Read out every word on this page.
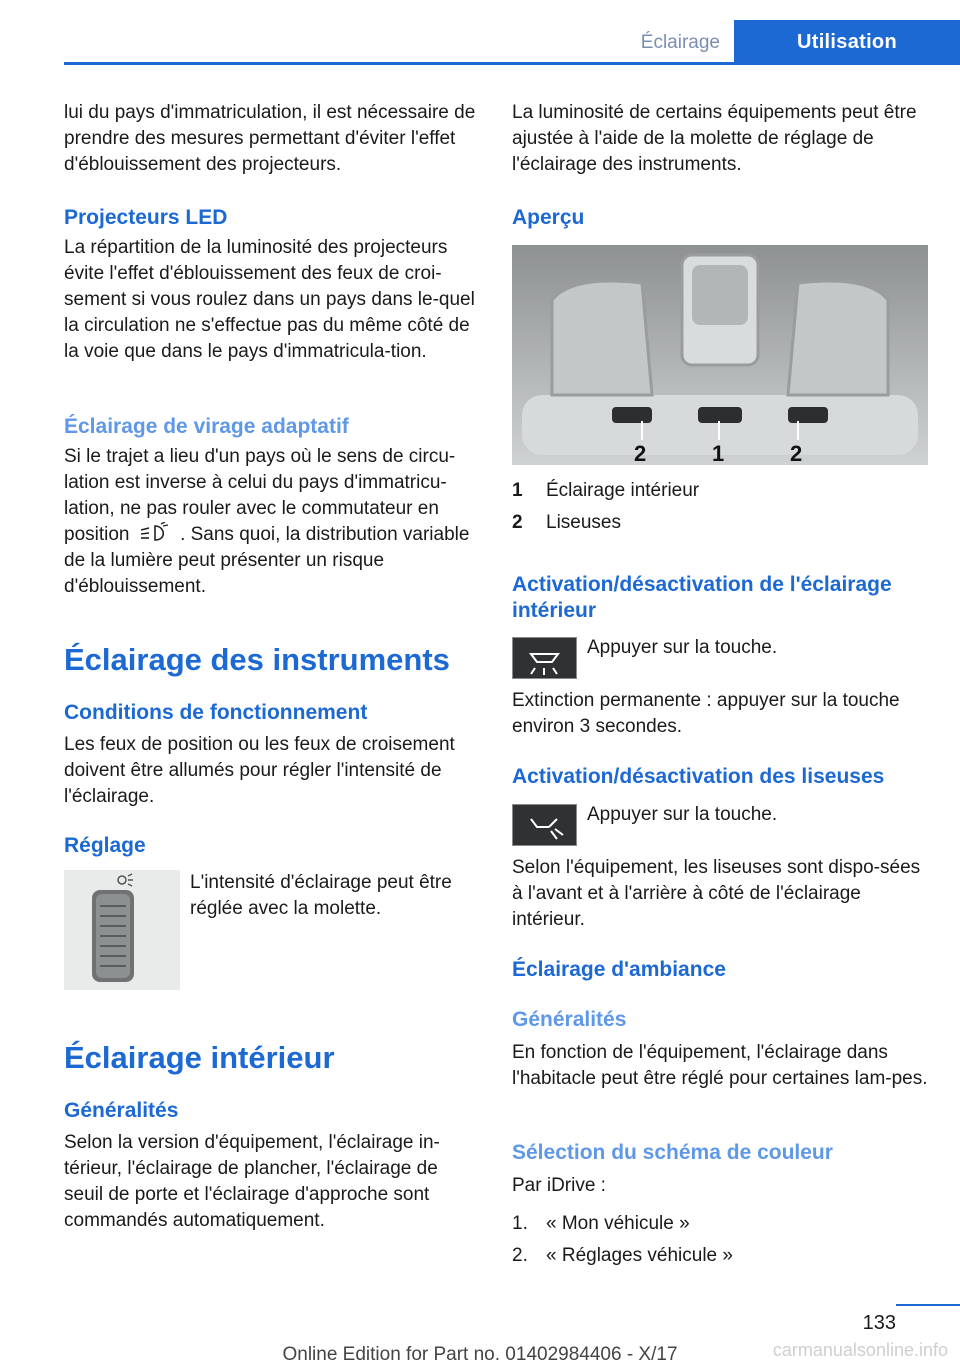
Éclairage	Utilisation

lui du pays d'immatriculation, il est nécessaire de prendre des mesures permettant d'éviter l'effet d'éblouissement des projecteurs.

Projecteurs LED

La répartition de la luminosité des projecteurs évite l'effet d'éblouissement des feux de croi‐sement si vous roulez dans un pays dans le‐quel la circulation ne s'effectue pas du même côté de la voie que dans le pays d'immatricula‐tion.

Éclairage de virage adaptatif

Si le trajet a lieu d'un pays où le sens de circu‐lation est inverse à celui du pays d'immatricu‐lation, ne pas rouler avec le commutateur en position	. Sans quoi, la distribution variable de la lumière peut présenter un risque d'éblouissement.

Éclairage des instruments
Conditions de fonctionnement

Les feux de position ou les feux de croisement doivent être allumés pour régler l'intensité de l'éclairage.

Réglage

L'intensité d'éclairage peut être réglée avec la molette.

Éclairage intérieur
Généralités

Selon la version d'équipement, l'éclairage in‐térieur, l'éclairage de plancher, l'éclairage de seuil de porte et l'éclairage d'approche sont commandés automatiquement.

La luminosité de certains équipements peut être ajustée à l'aide de la molette de réglage de l'éclairage des instruments.

Aperçu
2	1	2
1 Éclairage intérieur
2 Liseuses
Activation/désactivation de l'éclairage intérieur

Appuyer sur la touche.

Extinction permanente : appuyer sur la touche environ 3 secondes.

Activation/désactivation des liseuses

Appuyer sur la touche.

Selon l'équipement, les liseuses sont dispo‐sées à l'avant et à l'arrière à côté de l'éclairage intérieur.

Éclairage d'ambiance
Généralités

En fonction de l'équipement, l'éclairage dans l'habitacle peut être réglé pour certaines lam‐pes.

Sélection du schéma de couleur

Par iDrive :

1. « Mon véhicule »
2. « Réglages véhicule »
133
Online Edition for Part no. 01402984406 - X/17	carmanualsonline.info
